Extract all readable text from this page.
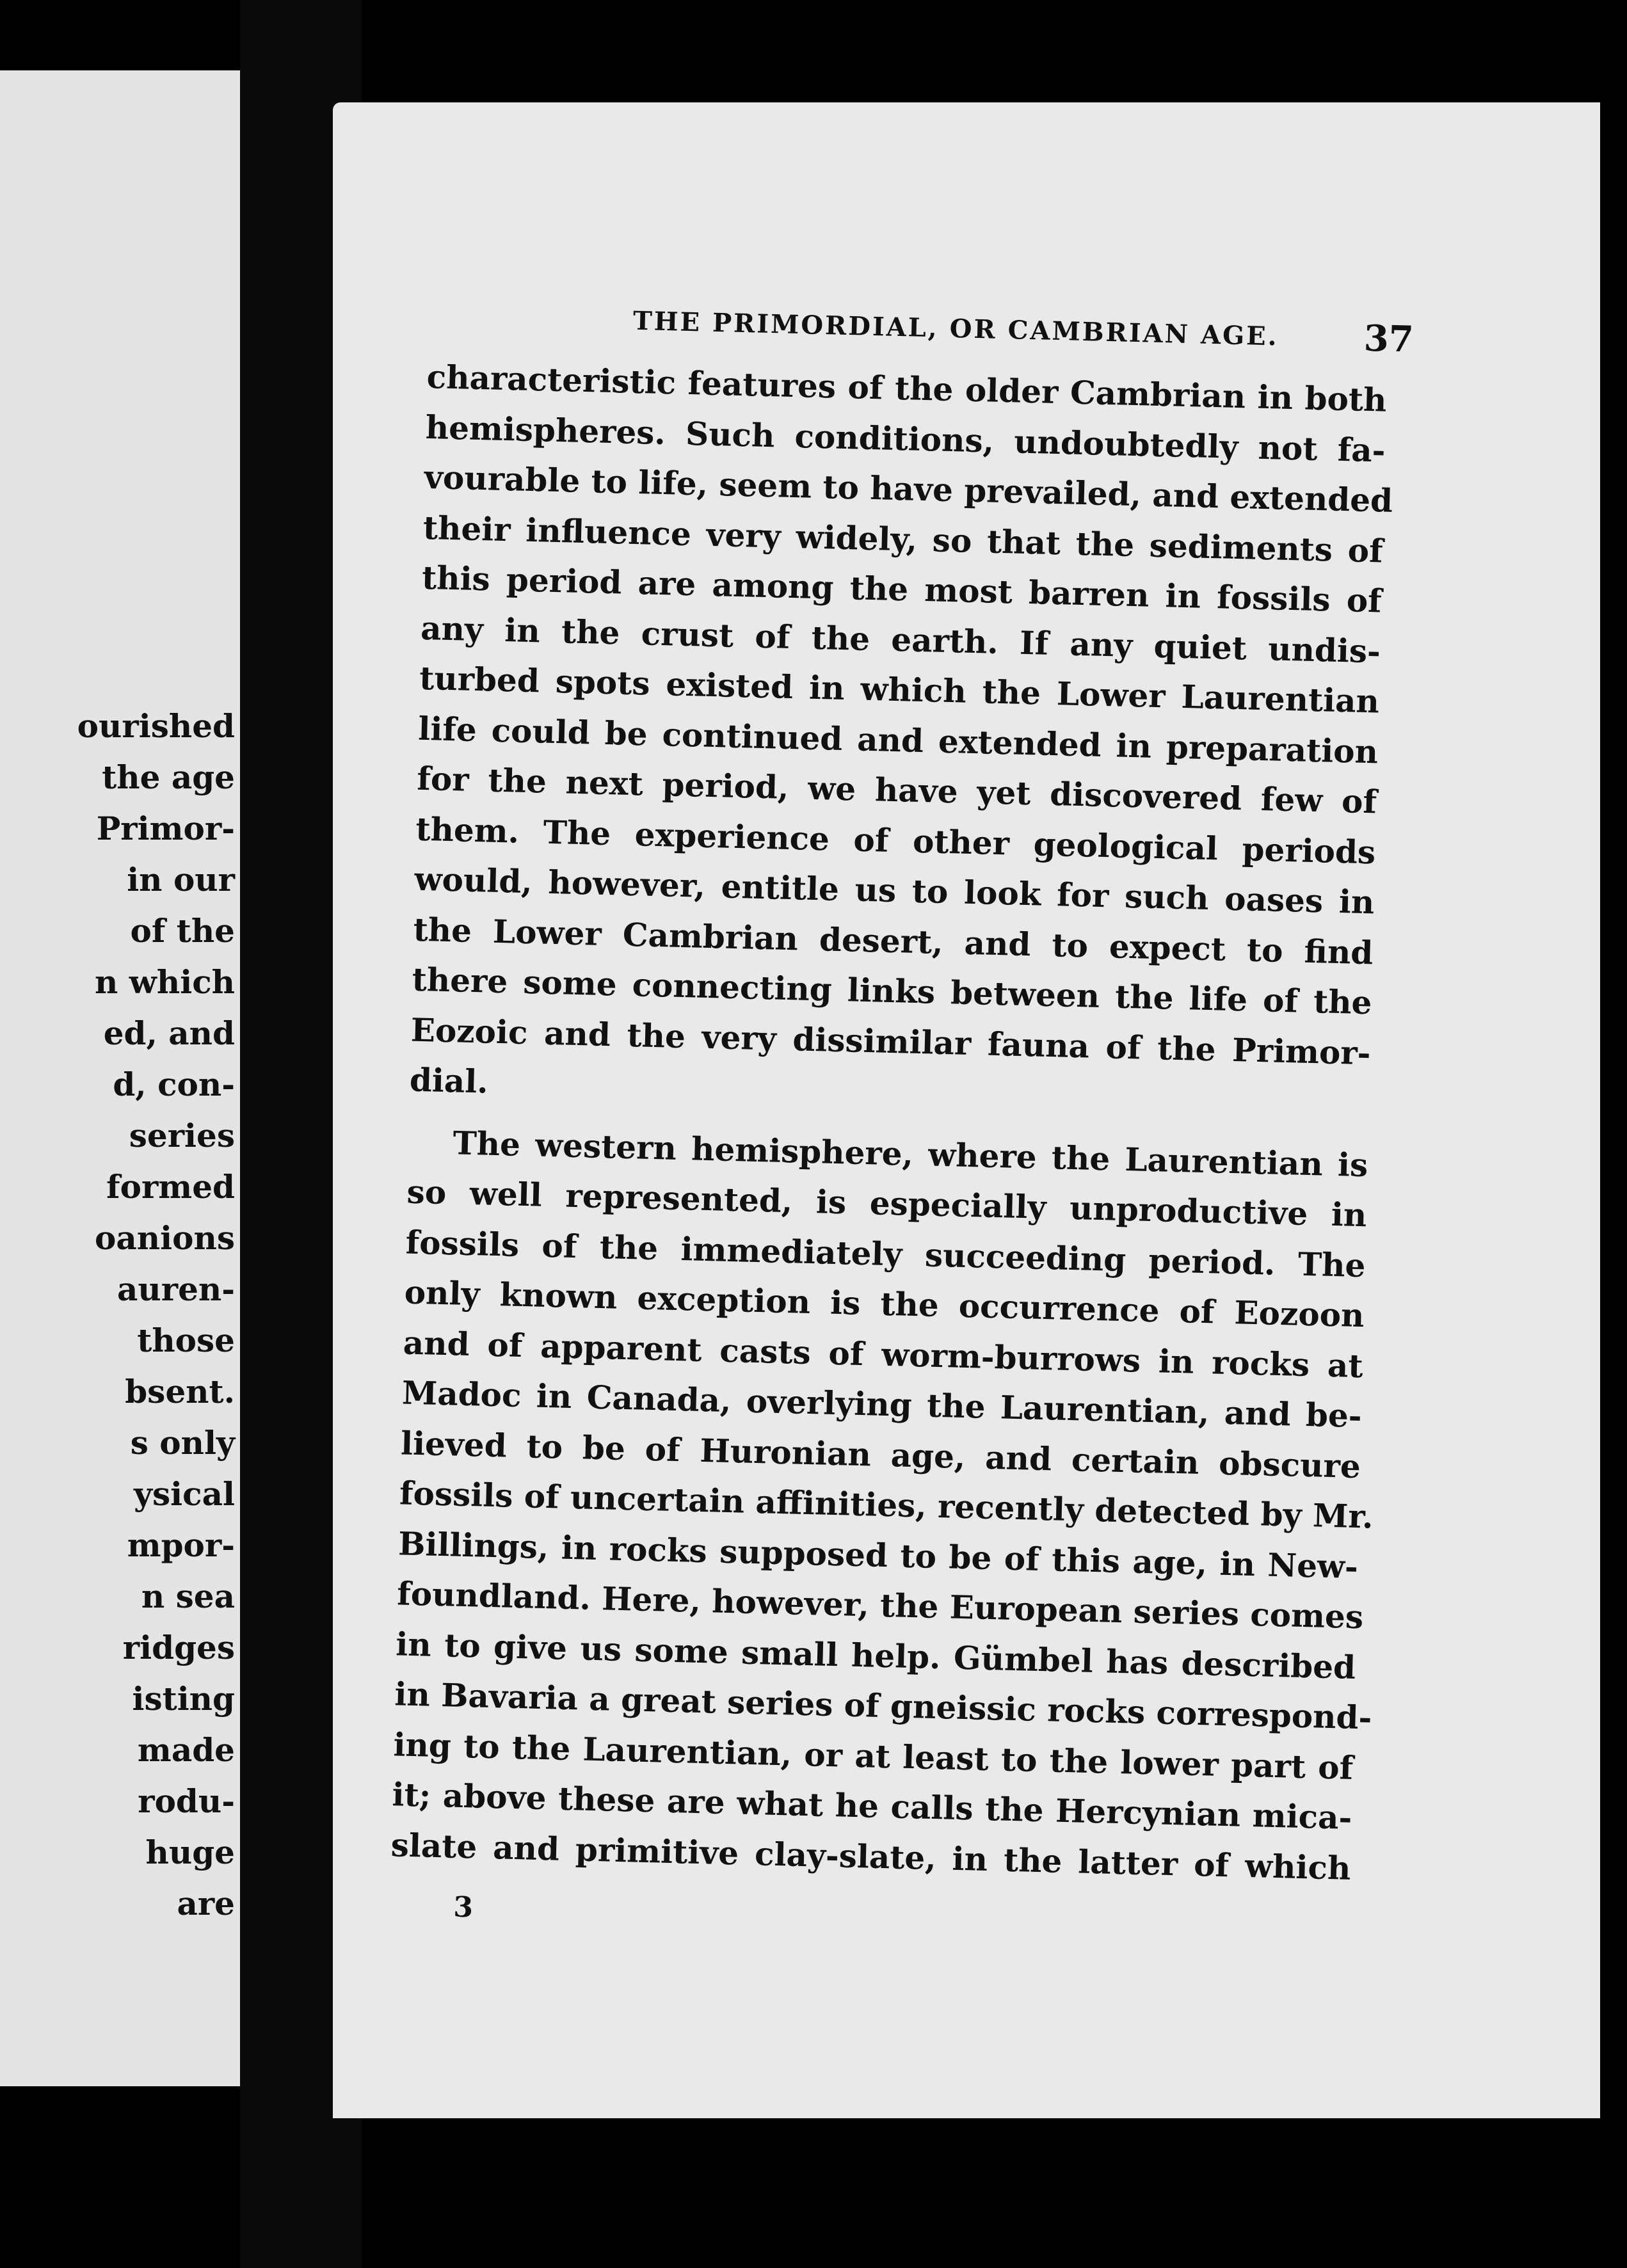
ourished
the age
Primor-
in our
of the
n which
ed, and
d, con-
series
formed
oanions
auren-
those
bsent.
s only
ysical
mpor-
n sea
ridges
isting
made
rodu-
huge
are
THE PRIMORDIAL, OR CAMBRIAN AGE. 37
characteristic features of the older Cambrian in both
hemispheres. Such conditions, undoubtedly not fa-
vourable to life, seem to have prevailed, and extended
their influence very widely, so that the sediments of
this period are among the most barren in fossils of
any in the crust of the earth. If any quiet undis-
turbed spots existed in which the Lower Laurentian
life could be continued and extended in preparation
for the next period, we have yet discovered few of
them. The experience of other geological periods
would, however, entitle us to look for such oases in
the Lower Cambrian desert, and to expect to find
there some connecting links between the life of the
Eozoic and the very dissimilar fauna of the Primor-
dial.
The western hemisphere, where the Laurentian is
so well represented, is especially unproductive in
fossils of the immediately succeeding period. The
only known exception is the occurrence of Eozoon
and of apparent casts of worm-burrows in rocks at
Madoc in Canada, overlying the Laurentian, and be-
lieved to be of Huronian age, and certain obscure
fossils of uncertain affinities, recently detected by Mr.
Billings, in rocks supposed to be of this age, in New-
foundland. Here, however, the European series comes
in to give us some small help. Gümbel has described
in Bavaria a great series of gneissic rocks correspond-
ing to the Laurentian, or at least to the lower part of
it; above these are what he calls the Hercynian mica-
slate and primitive clay-slate, in the latter of which
3
